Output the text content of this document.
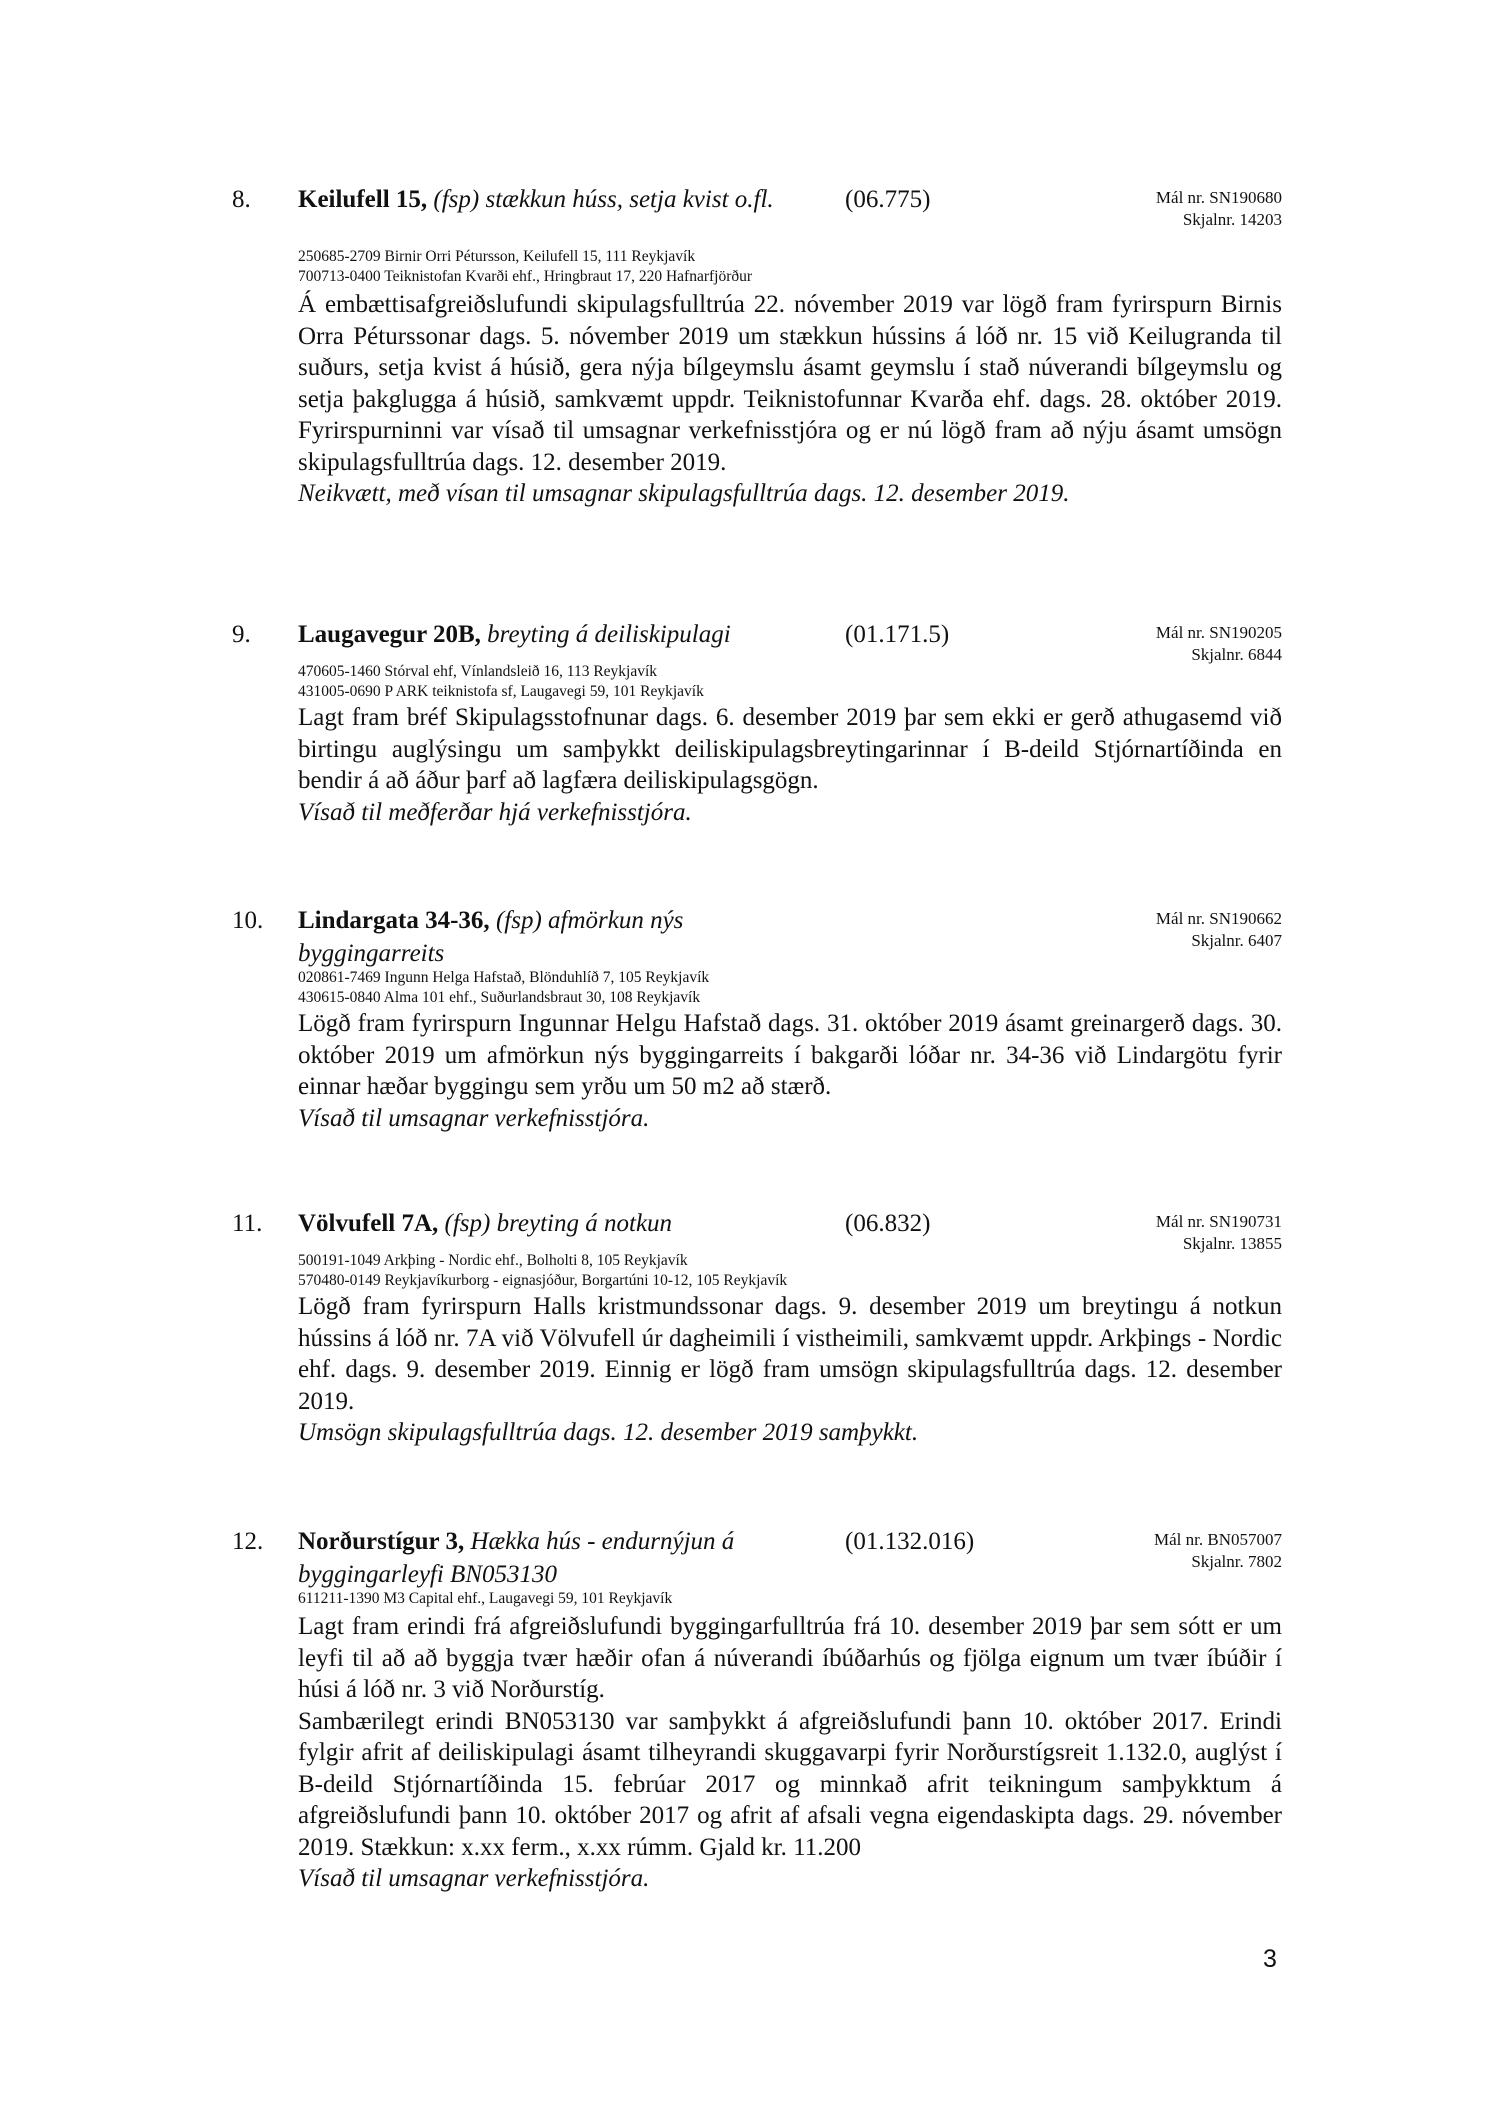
8. Keilufell 15, (fsp) stækkun húss, setja kvist o.fl.	(06.775)	Mál nr. SN190680
Skjalnr. 14203
250685-2709 Birnir Orri Pétursson, Keilufell 15, 111 Reykjavík
700713-0400 Teiknistofan Kvarði ehf., Hringbraut 17, 220 Hafnarfjörður

Á embættisafgreiðslufundi skipulagsfulltrúa 22. nóvember 2019 var lögð fram fyrirspurn Birnis Orra Péturssonar dags. 5. nóvember 2019 um stækkun hússins á lóð nr. 15 við Keilugranda til suðurs, setja kvist á húsið, gera nýja bílgeymslu ásamt geymslu í stað núverandi bílgeymslu og setja þakglugga á húsið, samkvæmt uppdr. Teiknistofunnar Kvarða ehf. dags. 28. október 2019. Fyrirspurninni var vísað til umsagnar verkefnisstjóra og er nú lögð fram að nýju ásamt umsögn skipulagsfulltrúa dags. 12. desember 2019.

Neikvætt, með vísan til umsagnar skipulagsfulltrúa dags. 12. desember 2019.

9. Laugavegur 20B, breyting á deiliskipulagi	(01.171.5)	Mál nr. SN190205
Skjalnr. 6844
470605-1460 Stórval ehf, Vínlandsleið 16, 113 Reykjavík
431005-0690 P ARK teiknistofa sf, Laugavegi 59, 101 Reykjavík

Lagt fram bréf Skipulagsstofnunar dags. 6. desember 2019 þar sem ekki er gerð athugasemd við birtingu auglýsingu um samþykkt deiliskipulagsbreytingarinnar í B-deild Stjórnartíðinda en bendir á að áður þarf að lagfæra deiliskipulagsgögn.

Vísað til meðferðar hjá verkefnisstjóra.

10. Lindargata 34-36, (fsp) afmörkun nýs byggingarreits
Mál nr. SN190662
Skjalnr. 6407
020861-7469 Ingunn Helga Hafstað, Blönduhlíð 7, 105 Reykjavík
430615-0840 Alma 101 ehf., Suðurlandsbraut 30, 108 Reykjavík

Lögð fram fyrirspurn Ingunnar Helgu Hafstað dags. 31. október 2019 ásamt greinargerð dags. 30. október 2019 um afmörkun nýs byggingarreits í bakgarði lóðar nr. 34-36 við Lindargötu fyrir einnar hæðar byggingu sem yrðu um 50 m2 að stærð.

Vísað til umsagnar verkefnisstjóra.

11. Völvufell 7A, (fsp) breyting á notkun	(06.832)	Mál nr. SN190731
Skjalnr. 13855
500191-1049 Arkþing - Nordic ehf., Bolholti 8, 105 Reykjavík
570480-0149 Reykjavíkurborg - eignasjóður, Borgartúni 10-12, 105 Reykjavík

Lögð fram fyrirspurn Halls kristmundssonar dags. 9. desember 2019 um breytingu á notkun hússins á lóð nr. 7A við Völvufell úr dagheimili í vistheimili, samkvæmt uppdr. Arkþings - Nordic ehf. dags. 9. desember 2019. Einnig er lögð fram umsögn skipulagsfulltrúa dags. 12. desember 2019.

Umsögn skipulagsfulltrúa dags. 12. desember 2019 samþykkt.

12. Norðurstígur 3, Hækka hús - endurnýjun á byggingarleyfi BN053130
(01.132.016)	Mál nr. BN057007
Skjalnr. 7802
611211-1390 M3 Capital ehf., Laugavegi 59, 101 Reykjavík

Lagt fram erindi frá afgreiðslufundi byggingarfulltrúa frá 10. desember 2019 þar sem sótt er um leyfi til að að byggja tvær hæðir ofan á núverandi íbúðarhús og fjölga eignum um tvær íbúðir í húsi á lóð nr. 3 við Norðurstíg.

Sambærilegt erindi BN053130 var samþykkt á afgreiðslufundi þann 10. október 2017. Erindi fylgir afrit af deiliskipulagi ásamt tilheyrandi skuggavarpi fyrir Norðurstígsreit 1.132.0, auglýst í B-deild Stjórnartíðinda 15. febrúar 2017 og minnkað afrit teikningum samþykktum á afgreiðslufundi þann 10. október 2017 og afrit af afsali vegna eigendaskipta dags. 29. nóvember 2019. Stækkun: x.xx ferm., x.xx rúmm. Gjald kr. 11.200

Vísað til umsagnar verkefnisstjóra.

3
